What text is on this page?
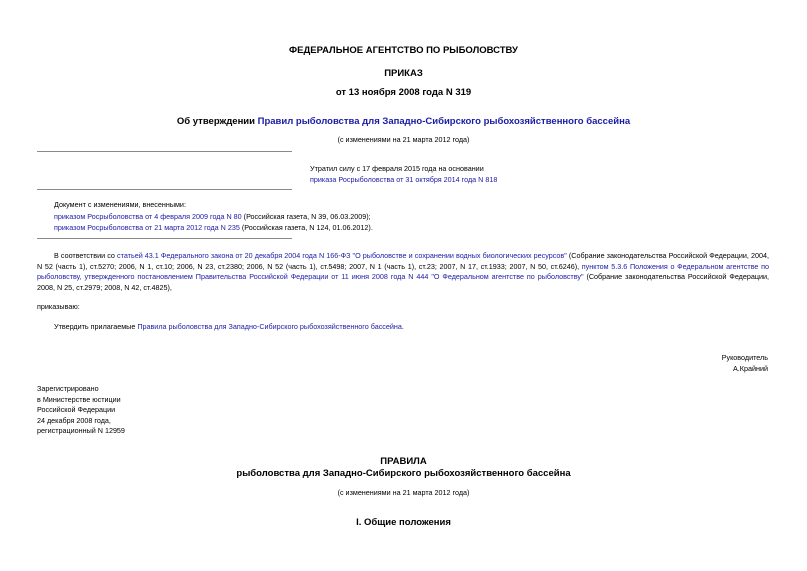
ФЕДЕРАЛЬНОЕ АГЕНТСТВО ПО РЫБОЛОВСТВУ
ПРИКАЗ
от 13 ноября 2008 года N 319
Об утверждении Правил рыболовства для Западно-Сибирского рыбохозяйственного бассейна
(с изменениями на 21 марта 2012 года)

Утратил силу с 17 февраля 2015 года на основании

приказа Росрыболовства от 31 октября 2014 года N 818

Документ с изменениями, внесенными:

приказом Росрыболовства от 4 февраля 2009 года N 80 (Российская газета, N 39, 06.03.2009);

приказом Росрыболовства от 21 марта 2012 года N 235 (Российская газета, N 124, 01.06.2012).

В соответствии со статьей 43.1 Федерального закона от 20 декабря 2004 года N 166-ФЗ "О рыболовстве и сохранении водных биологических ресурсов" (Собрание законодательства Российской Федерации, 2004, N 52 (часть 1), ст.5270; 2006, N 1, ст.10; 2006, N 23, ст.2380; 2006, N 52 (часть 1), ст.5498; 2007, N 1 (часть 1), ст.23; 2007, N 17, ст.1933; 2007, N 50, ст.6246), пунктом 5.3.6 Положения о Федеральном агентстве по рыболовству, утвержденного постановлением Правительства Российской Федерации от 11 июня 2008 года N 444 "О Федеральном агентстве по рыболовству" (Собрание законодательства Российской Федерации, 2008, N 25, ст.2979; 2008, N 42, ст.4825),
приказываю:
Утвердить прилагаемые Правила рыболовства для Западно-Сибирского рыбохозяйственного бассейна.

Руководитель

А.Крайний

Зарегистрировано

в Министерстве юстиции

Российской Федерации

24 декабря 2008 года,

регистрационный N 12959

ПРАВИЛА
рыболовства для Западно-Сибирского рыбохозяйственного бассейна
(с изменениями на 21 марта 2012 года)
I. Общие положения
